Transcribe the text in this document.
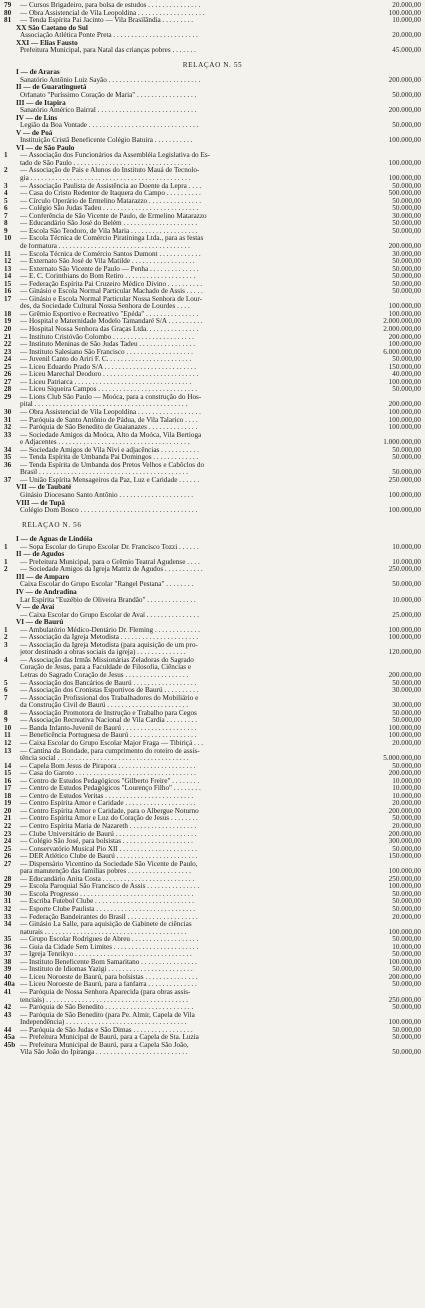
79	— Cursos Brigadeiro, para bolsa de estudos . . . . . . . . . . . . . . .	20.000,00
80	— Obra Assistencial de Vila Leopoldina . . . . . . . . . . . . . . . . . . .	100.000,00
81	— Tenda Espírita Pai Jacinto — Vila Brasilândia . . . . . . . . .	10.000,00
XX São Caetano do Sul
Associação Atlética Ponte Preta . . . . . . . . . . . . . . . . . . . . . . . .	20.000,00
XXI — Elias Fausto
Prefeitura Municipal, para Natal das crianças pobres . . . . . . .	45.000,00
RELAÇÃO N. 55
I — de Araras
Sanatório Antônio Luiz Sayão . . . . . . . . . . . . . . . . . . . . . . . . . .	200.000,00
II — de Guaratinguetá
Orfanato "Puríssimo Coração de Maria" . . . . . . . . . . . . . . . . .	50.000,00
III — de Itapira
Sanatório Américo Bairral . . . . . . . . . . . . . . . . . . . . . . . . . . . .	200.000,00
IV — de Lins
Legião da Boa Vontade . . . . . . . . . . . . . . . . . . . . . . . . . . . . . . .	50.000,00
V — de Poá
Instituição Cristã Beneficente Colégio Batuira . . . . . . . . . . .	100.000,00
VI — de São Paulo
1	— Associação dos Funcionários da Assembléia Legislativa do Es-
tado de São Paulo . . . . . . . . . . . . . . . . . . . . . . . . . . . . . . . . .	100.000,00
2	— Associação de Pais e Alunos do Instituto Mauá de Tecnolo-
gia . . . . . . . . . . . . . . . . . . . . . . . . . . . . . . . . . . . . . . . . . . . . .	100.000,00
3	— Associação Paulista de Assistência ao Doente da Lepra . . . .	50.000,00
4	— Casa do Cristo Redentor de Itaquera do Campo . . . . . . . . . .	500.000,00
5	— Círculo Operário de Ermelino Matarazzo . . . . . . . . . . . . . . .	50.000,00
6	— Colégio São Judas Tadeu . . . . . . . . . . . . . . . . . . . . . . . . . . .	50.000,00
7	— Conferência de São Vicente de Paulo, de Ermelino Matarazzo	30.000,00
8	— Educandário São José do Belém . . . . . . . . . . . . . . . . . . . . .	50.000,00
9	— Escola São Teodoro, de Vila Maria . . . . . . . . . . . . . . . . . . .	50.000,00
10	— Escola Técnica de Comércio Piratininga Ltda., para as festas
de formatura . . . . . . . . . . . . . . . . . . . . . . . . . . . . . . . . . . . . .	200.000,00
11	— Escola Técnica de Comércio Santos Dumont . . . . . . . . . . . .	30.000,00
12	— Externato São José de Vila Matilde . . . . . . . . . . . . . . . . . .	50.000,00
13	— Externato São Vicente de Paulo — Penha . . . . . . . . . . . . . .	50.000,00
14	— E. C. Corinthians do Bom Retiro . . . . . . . . . . . . . . . . . . . .	50.000,00
15	— Federação Espírita Pai Cruzeiro Médico Divino . . . . . . . . . .	50.000,00
16	— Ginásio e Escola Normal Particular Machado de Assis . . . . .	50.000,00
17	— Ginásio e Escola Normal Particular Nossa Senhora de Lour-
des, da Sociedade Cultural Nossa Senhora de Lourdes . . . .	100.000,00
18	— Grêmio Esportivo e Recreativo "Epéda" . . . . . . . . . . . . . . .	100.000,00
19	— Hospital e Maternidade Modelo Tamandaré S/A . . . . . . . . . .	2.000.000,00
20	— Hospital Nossa Senhora das Graças Ltda. . . . . . . . . . . . . . .	2.000.000,00
21	— Instituto Cristóvão Colombo . . . . . . . . . . . . . . . . . . . . . . .	200.000,00
22	— Instituto Meninas de São Judas Tadeu . . . . . . . . . . . . . . . .	100.000,00
23	— Instituto Salesiano São Francisco . . . . . . . . . . . . . . . . . . .	6.000.000,00
24	— Juvenil Canto do Ariri F. C. . . . . . . . . . . . . . . . . . . . . . . .	50.000,00
25	— Liceu Eduardo Prado S/A . . . . . . . . . . . . . . . . . . . . . . . . . .	150.000,00
26	— Liceu Marechal Deodoro . . . . . . . . . . . . . . . . . . . . . . . . . . .	40.000,00
27	— Liceu Patriarca . . . . . . . . . . . . . . . . . . . . . . . . . . . . . . . . .	100.000,00
28	— Liceu Siqueira Campos . . . . . . . . . . . . . . . . . . . . . . . . . . . .	50.000,00
29	— Lions Club São Paulo — Moóca, para a construção do Hos-
pital . . . . . . . . . . . . . . . . . . . . . . . . . . . . . . . . . . . . . . . . . . .	200.000,00
30	— Obra Assistencial de Vila Leopoldina . . . . . . . . . . . . . . . . . .	100.000,00
31	— Paróquia de Santo Antônio de Pádua, de Vila Talarico . . . .	100.000,00
32	— Paróquia de São Benedito de Guaianazes . . . . . . . . . . . . . .	100.000,00
33	— Sociedade Amigos da Moóca, Alto da Moóca, Vila Bertioga
e Adjacentes . . . . . . . . . . . . . . . . . . . . . . . . . . . . . . . . . . . . .	1.000.000,00
34	— Sociedade Amigos de Vila Nivi e adjacências . . . . . . . . . . .	50.000,00
35	— Tenda Espírita de Umbanda Pai Domingos . . . . . . . . . . . . .	50.000,00
36	— Tenda Espírita de Umbanda dos Pretos Velhos e Cabôclos do
Brasil . . . . . . . . . . . . . . . . . . . . . . . . . . . . . . . . . . . . . . . . . .	50.000,00
37	— União Espírita Mensageiros da Paz, Luz e Caridade . . . . . .	250.000,00
VII — de Taubaté
Ginásio Diocesano Santo Antônio . . . . . . . . . . . . . . . . . . . . .	100.000,00
VIII — de Tupã
Colégio Dom Bosco . . . . . . . . . . . . . . . . . . . . . . . . . . . . . . . . .	100.000,00
RELAÇÃO N. 56
I — de Águas de Lindóia
1	— Sopa Escolar do Grupo Escolar Dr. Francisco Tozzi . . . . . .	10.000,00
II — de Agudos
1	— Prefeitura Municipal, para o Grêmio Teatral Agudense . . . .	10.000,00
2	— Sociedade Amigos da Igreja Matriz de Agudos . . . . . . . . . . .	250.000,00
III — de Amparo
Caixa Escolar do Grupo Escolar "Rangel Pestana" . . . . . . . .	50.000,00
IV — de Andradina
Lar Espírita "Euzébio de Oliveira Brandão" . . . . . . . . . . . . . .	10.000,00
V — de Avaí
— Caixa Escolar do Grupo Escolar de Avaí . . . . . . . . . . . . . . .	25.000,00
VI — de Baurú
1	— Ambulatório Médico-Dentário Dr. Fleming . . . . . . . . . . . . .	100.000,00
2	— Associação da Igreja Metodista . . . . . . . . . . . . . . . . . . . . . .	100.000,00
3	— Associação da Igreja Metodista (para aquisição de um pro-
jetor destinado a obras sociais da igreja) . . . . . . . . . . . . . .	120.000,00
4	— Associação das Irmãs Missionárias Zeladoras do Sagrado
Coração de Jesus, para a Faculdade de Filosofia, Ciências e
Letras do Sagrado Coração de Jesus . . . . . . . . . . . . . . . . . .	200.000,00
5	— Associação dos Bancários de Baurú . . . . . . . . . . . . . . . . . .	50.000,00
6	— Associação dos Cronistas Esportivos de Baurú . . . . . . . . . .	30.000,00
7	— Associação Profissional dos Trabalhadores do Mobiliário e
da Construção Civil de Baurú . . . . . . . . . . . . . . . . . . . . . . .	30.000,00
8	— Associação Promotora de Instrução e Trabalho para Cegos	50.000,00
9	— Associação Recreativa Nacional de Vila Cardia . . . . . . . . .	50.000,00
10	— Banda Infanto-Juvenil de Baurú . . . . . . . . . . . . . . . . . . . . .	100.000,00
11	— Beneficência Portuguesa de Baurú . . . . . . . . . . . . . . . . . . .	100.000,00
12	— Caixa Escolar do Grupo Escolar Major Fraga — Tibiriçá . . .	20.000,00
13	— Cantina da Bondade, para cumprimento do roteiro de assis-
tência social . . . . . . . . . . . . . . . . . . . . . . . . . . . . . . . . . . . . .	5.000.000,00
14	— Capela Bom Jesus de Pirapora . . . . . . . . . . . . . . . . . . . . . .	50.000,00
15	— Casa do Garoto . . . . . . . . . . . . . . . . . . . . . . . . . . . . . . . . . .	200.000,00
16	— Centro de Estudos Pedagógicos "Gilberto Freire" . . . . . . . .	10.000,00
17	— Centro de Estudos Pedagógicos "Lourenço Filho" . . . . . . . .	10.000,00
18	— Centro de Estudos Veritas . . . . . . . . . . . . . . . . . . . . . . . . .	10.000,00
19	— Centro Espírita Amor e Caridade . . . . . . . . . . . . . . . . . . . .	20.000,00
20	— Centro Espírita Amor e Caridade, para o Albergue Noturno	200.000,00
21	— Centro Espírita Amor e Luz do Coração de Jesus . . . . . . . .	50.000,00
22	— Centro Espírita Maria de Nazareth . . . . . . . . . . . . . . . . . . .	20.000,00
23	— Clube Universitário de Baurú . . . . . . . . . . . . . . . . . . . . . . .	200.000,00
24	— Colégio São José, para bolsistas . . . . . . . . . . . . . . . . . . . .	300.000,00
25	— Conservatório Musical Pio XII . . . . . . . . . . . . . . . . . . . . . .	50.000,00
26	— DER Atlético Clube de Baurú . . . . . . . . . . . . . . . . . . . . . . .	150.000,00
27	— Dispensário Vicentino da Sociedade São Vicente de Paulo,
para manutenção das famílias pobres . . . . . . . . . . . . . . . . . .	100.000,00
28	— Educandário Anita Costa . . . . . . . . . . . . . . . . . . . . . . . . . .	250.000,00
29	— Escola Paroquial São Francisco de Assis . . . . . . . . . . . . . . .	100.000,00
30	— Escola Progresso . . . . . . . . . . . . . . . . . . . . . . . . . . . . . . . .	50.000,00
31	— Escriba Futebol Clube . . . . . . . . . . . . . . . . . . . . . . . . . . . .	50.000,00
32	— Esporte Clube Paulista . . . . . . . . . . . . . . . . . . . . . . . . . . . .	50.000,00
33	— Federação Bandeirantes do Brasil . . . . . . . . . . . . . . . . . . . .	20.000,00
34	— Ginásio La Salle, para aquisição de Gabinete de ciências
naturais . . . . . . . . . . . . . . . . . . . . . . . . . . . . . . . . . . . . . . . .	100.000,00
35	— Grupo Escolar Rodrigues de Abreu . . . . . . . . . . . . . . . . . . .	50.000,00
36	— Guia da Cidade Sem Limites . . . . . . . . . . . . . . . . . . . . . . . .	10.000,00
37	— Igreja Tenrikyo . . . . . . . . . . . . . . . . . . . . . . . . . . . . . . . . .	50.000,00
38	— Instituto Beneficente Bom Samaritano . . . . . . . . . . . . . . . .	100.000,00
39	— Instituto de Idiomas Yazigi . . . . . . . . . . . . . . . . . . . . . . . .	50.000,00
40	— Liceu Noroeste de Baurú, para bolsistas . . . . . . . . . . . . . . .	200.000,00
40a — Liceu Noroeste de Baurú, para a fanfarra . . . . . . . . . . . . . .	50.000,00
41	— Paróquia de Nossa Senhora Aparecida (para obras assis-
tenciais) . . . . . . . . . . . . . . . . . . . . . . . . . . . . . . . . . . . . . . . .	250.000,00
42	— Paróquia de São Benedito . . . . . . . . . . . . . . . . . . . . . . . . .	50.000,00
43	— Paróquia de São Benedito (para Pe. Almir, Capela de Vila
Independência) . . . . . . . . . . . . . . . . . . . . . . . . . . . . . . . . . .	100.000,00
44	— Paróquia de São Judas e São Dimas . . . . . . . . . . . . . . . . .	50.000,00
45a — Prefeitura Municipal de Baurú, para a Capela de Sta. Luzia	50.000,00
45b — Prefeitura Municipal de Baurú, para a Capela São João,
Vila São João do Ipiranga . . . . . . . . . . . . . . . . . . . . . . . . . .	50.000,00
